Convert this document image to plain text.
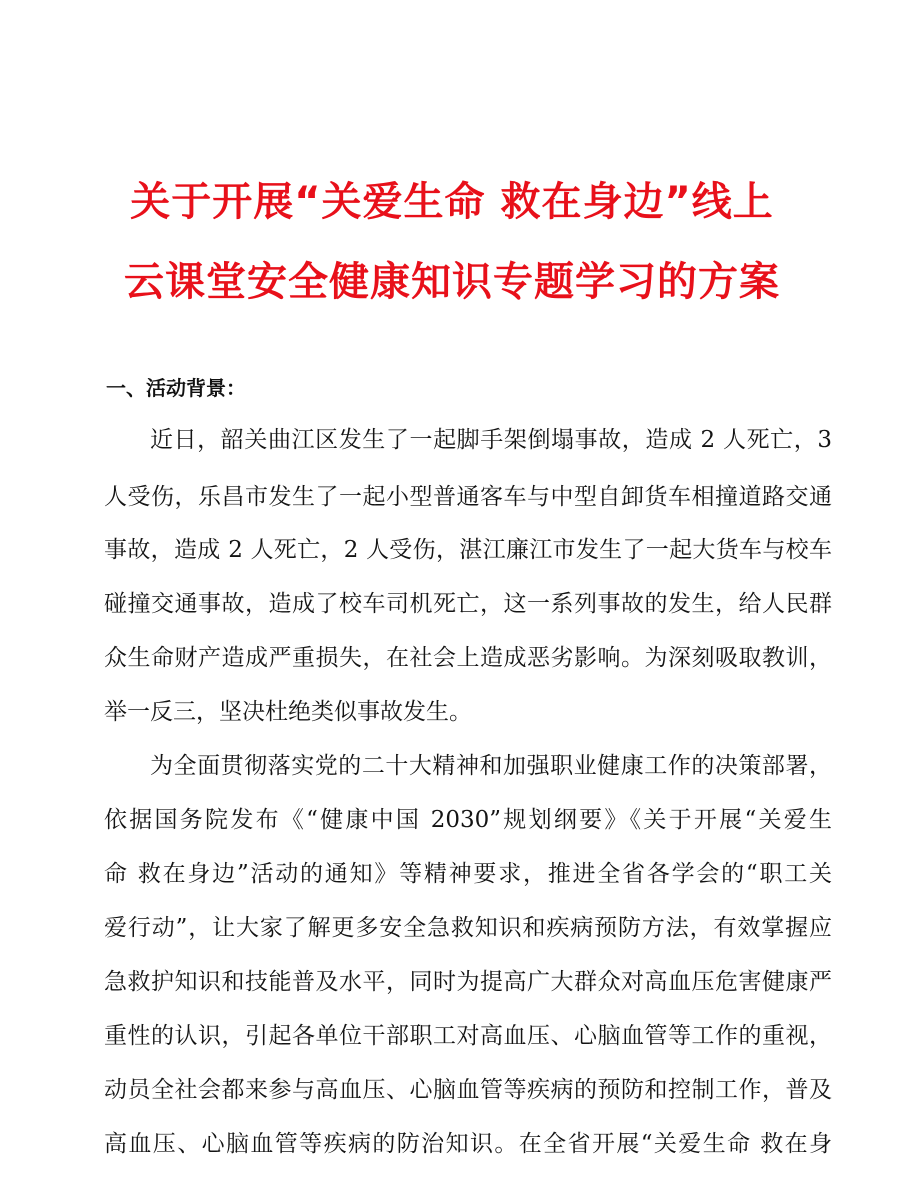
关于开展“关爱生命 救在身边”线上
云课堂安全健康知识专题学习的方案
一、活动背景：
近日，韶关曲江区发生了一起脚手架倒塌事故，造成 2 人死亡，3
人受伤，乐昌市发生了一起小型普通客车与中型自卸货车相撞道路交通
事故，造成 2 人死亡，2 人受伤，湛江廉江市发生了一起大货车与校车
碰撞交通事故，造成了校车司机死亡，这一系列事故的发生，给人民群
众生命财产造成严重损失，在社会上造成恶劣影响。为深刻吸取教训，
举一反三，坚决杜绝类似事故发生。
为全面贯彻落实党的二十大精神和加强职业健康工作的决策部署，
依据国务院发布《“健康中国 2030”规划纲要》《关于开展“关爱生
命 救在身边”活动的通知》等精神要求，推进全省各学会的“职工关
爱行动”，让大家了解更多安全急救知识和疾病预防方法，有效掌握应
急救护知识和技能普及水平，同时为提高广大群众对高血压危害健康严
重性的认识，引起各单位干部职工对高血压、心脑血管等工作的重视，
动员全社会都来参与高血压、心脑血管等疾病的预防和控制工作，普及
高血压、心脑血管等疾病的防治知识。在全省开展“关爱生命 救在身
